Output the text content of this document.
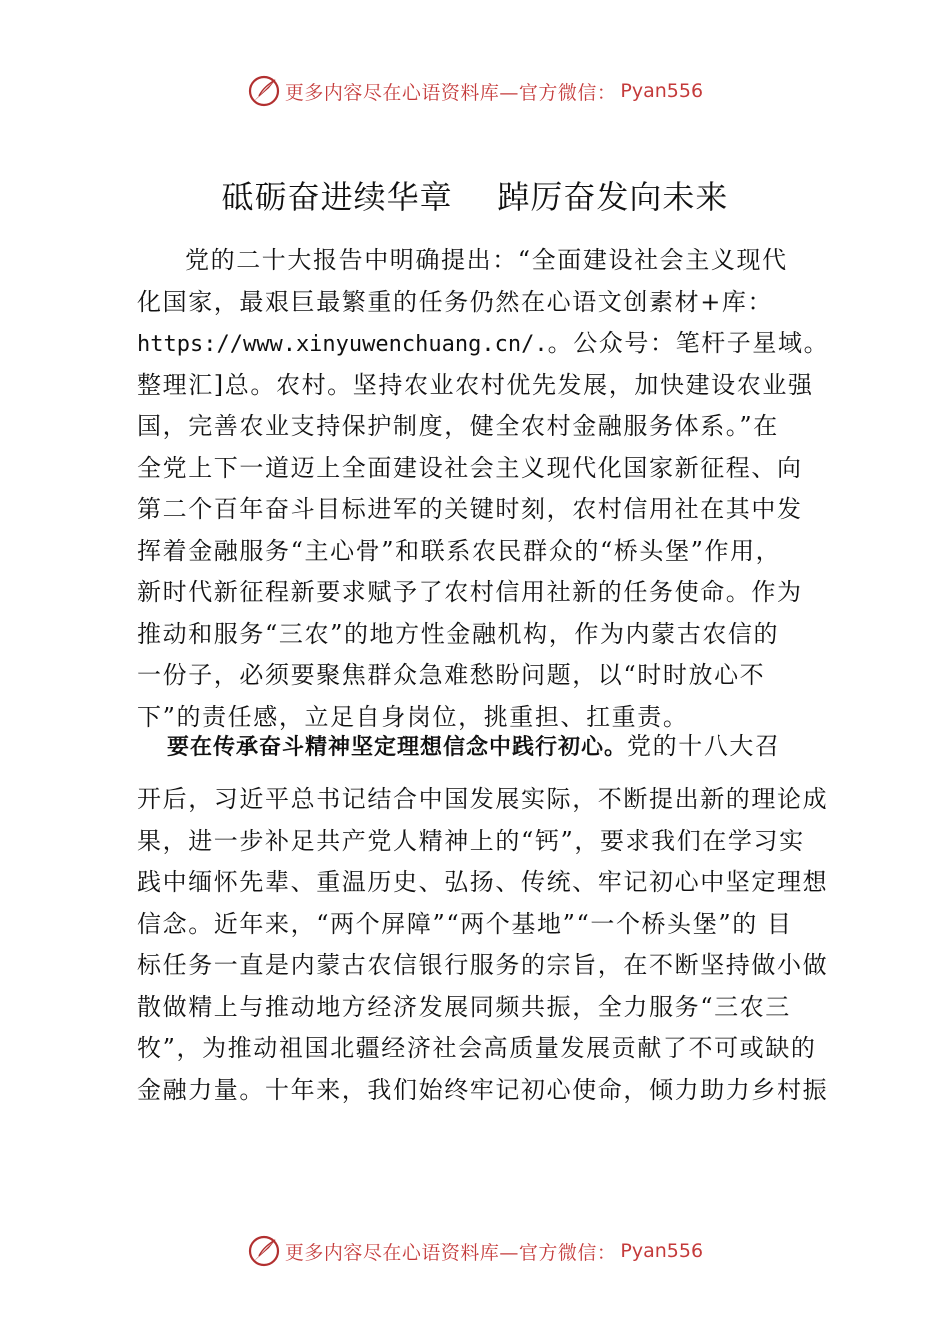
更多内容尽在心语资料库—官方微信： Pyan556
砥砺奋进续华章    踔厉奋发向未来
党的二十大报告中明确提出：“全面建设社会主义现代
化国家，最艰巨最繁重的任务仍然在心语文创素材+库：
https://www.xinyuwenchuang.cn/.。公众号：笔杆子星域。
整理汇]总。农村。坚持农业农村优先发展，加快建设农业强
国，完善农业支持保护制度，健全农村金融服务体系。”在
全党上下一道迈上全面建设社会主义现代化国家新征程、向
第二个百年奋斗目标进军的关键时刻，农村信用社在其中发
挥着金融服务“主心骨”和联系农民群众的“桥头堡”作用，
新时代新征程新要求赋予了农村信用社新的任务使命。作为
推动和服务“三农”的地方性金融机构，作为内蒙古农信的
一份子，必须要聚焦群众急难愁盼问题，以“时时放心不
下”的责任感，立足自身岗位，挑重担、扛重责。
要在传承奋斗精神坚定理想信念中践行初心。党的十八大召
开后，习近平总书记结合中国发展实际，不断提出新的理论成
果，进一步补足共产党人精神上的“钙”，要求我们在学习实
践中缅怀先辈、重温历史、弘扬、传统、牢记初心中坚定理想
信念。近年来，“两个屏障”“两个基地”“一个桥头堡”的 目
标任务一直是内蒙古农信银行服务的宗旨，在不断坚持做小做
散做精上与推动地方经济发展同频共振，全力服务“三农三
牧”，为推动祖国北疆经济社会高质量发展贡献了不可或缺的
金融力量。十年来，我们始终牢记初心使命，倾力助力乡村振
更多内容尽在心语资料库—官方微信： Pyan556
